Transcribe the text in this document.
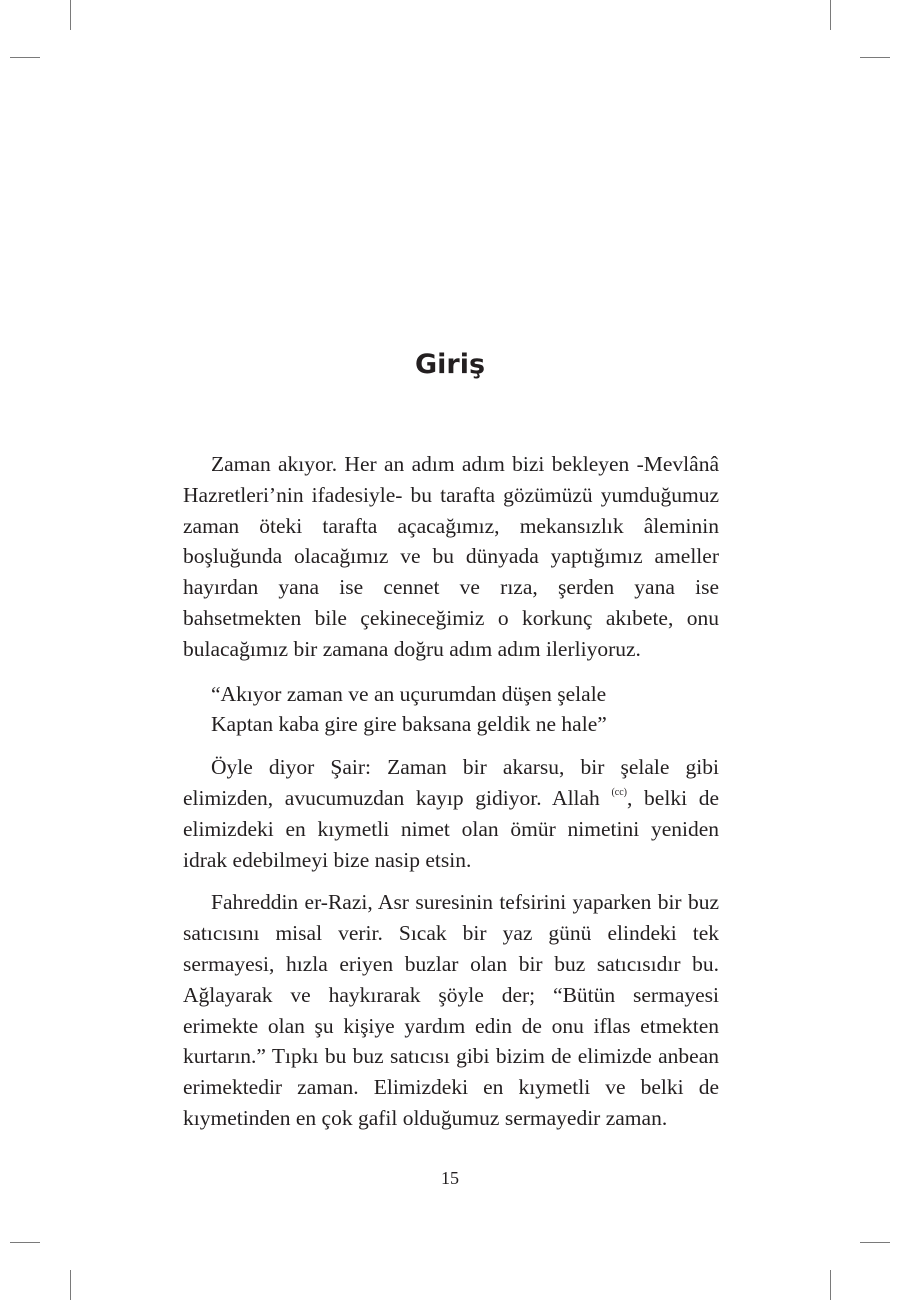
Giriş

Zaman akıyor. Her an adım adım bizi bekleyen -Mevlânâ Hazretleri’nin ifadesiyle- bu tarafta gözümüzü yumduğumuz zaman öteki tarafta açacağımız, mekansızlık âleminin boşluğunda olacağımız ve bu dünyada yaptığımız ameller hayırdan yana ise cennet ve rıza, şerden yana ise bahsetmekten bile çekineceğimiz o korkunç akıbete, onu bulacağımız bir zamana doğru adım adım ilerliyoruz.

“Akıyor zaman ve an uçurumdan düşen şelale
Kaptan kaba gire gire baksana geldik ne hale”

Öyle diyor Şair: Zaman bir akarsu, bir şelale gibi elimizden, avucumuzdan kayıp gidiyor. Allah $^{(cc)}$, belki de elimizdeki en kıymetli nimet olan ömür nimetini yeniden idrak edebilmeyi bize nasip etsin.

Fahreddin er-Razi, Asr suresinin tefsirini yaparken bir buz satıcısını misal verir. Sıcak bir yaz günü elindeki tek sermayesi, hızla eriyen buzlar olan bir buz satıcısıdır bu. Ağlayarak ve haykırarak şöyle der; “Bütün sermayesi erimekte olan şu kişiye yardım edin de onu iflas etmekten kurtarın.” Tıpkı bu buz satıcısı gibi bizim de elimizde anbean erimektedir zaman. Elimizdeki en kıymetli ve belki de kıymetinden en çok gafil olduğumuz sermayedir zaman.

15
